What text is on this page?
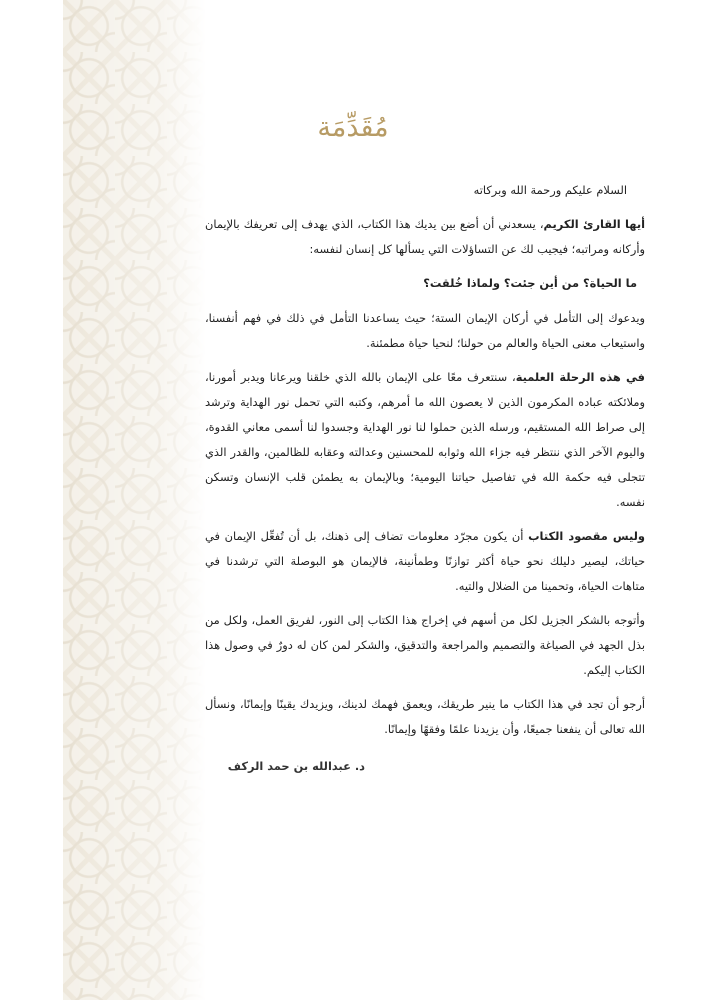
مُقَدِّمَة

السلام عليكم ورحمة الله وبركاته

أيها القارئ الكريم، يسعدني أن أضع بين يديك هذا الكتاب، الذي يهدف إلى تعريفك بالإيمان وأركانه ومراتبه؛ فيجيب لك عن التساؤلات التي يسألها كل إنسان لنفسه:

ما الحياة؟ من أين جئت؟ ولماذا خُلقت؟

ويدعوك إلى التأمل في أركان الإيمان الستة؛ حيث يساعدنا التأمل في ذلك في فهم أنفسنا، واستيعاب معنى الحياة والعالم من حولنا؛ لنحيا حياة مطمئنة.

في هذه الرحلة العلمية، سنتعرف معًا على الإيمان بالله الذي خلقنا ويرعانا ويدبر أمورنا، وملائكته عباده المكرمون الذين لا يعصون الله ما أمرهم، وكتبه التي تحمل نور الهداية وترشد إلى صراط الله المستقيم، ورسله الذين حملوا لنا نور الهداية وجسدوا لنا أسمى معاني القدوة، واليوم الآخر الذي ننتظر فيه جزاء الله وثوابه للمحسنين وعدالته وعقابه للظالمين، والقدر الذي تتجلى فيه حكمة الله في تفاصيل حياتنا اليومية؛ وبالإيمان به يطمئن قلب الإنسان وتسكن نفسه.

وليس مقصود الكتاب أن يكون مجرّد معلومات تضاف إلى ذهنك، بل أن تُفعِّل الإيمان في حياتك، ليصير دليلك نحو حياة أكثر توازنًا وطمأنينة، فالإيمان هو البوصلة التي ترشدنا في متاهات الحياة، وتحمينا من الضلال والتيه.

وأتوجه بالشكر الجزيل لكل من أسهم في إخراج هذا الكتاب إلى النور، لفريق العمل، ولكل من بذل الجهد في الصياغة والتصميم والمراجعة والتدقيق، والشكر لمن كان له دورٌ في وصول هذا الكتاب إليكم.

أرجو أن تجد في هذا الكتاب ما ينير طريقك، ويعمق فهمك لدينك، ويزيدك يقينًا وإيمانًا، ونسأل الله تعالى أن ينفعنا جميعًا، وأن يزيدنا علمًا وفقهًا وإيمانًا.

د. عبدالله بن حمد الركف
